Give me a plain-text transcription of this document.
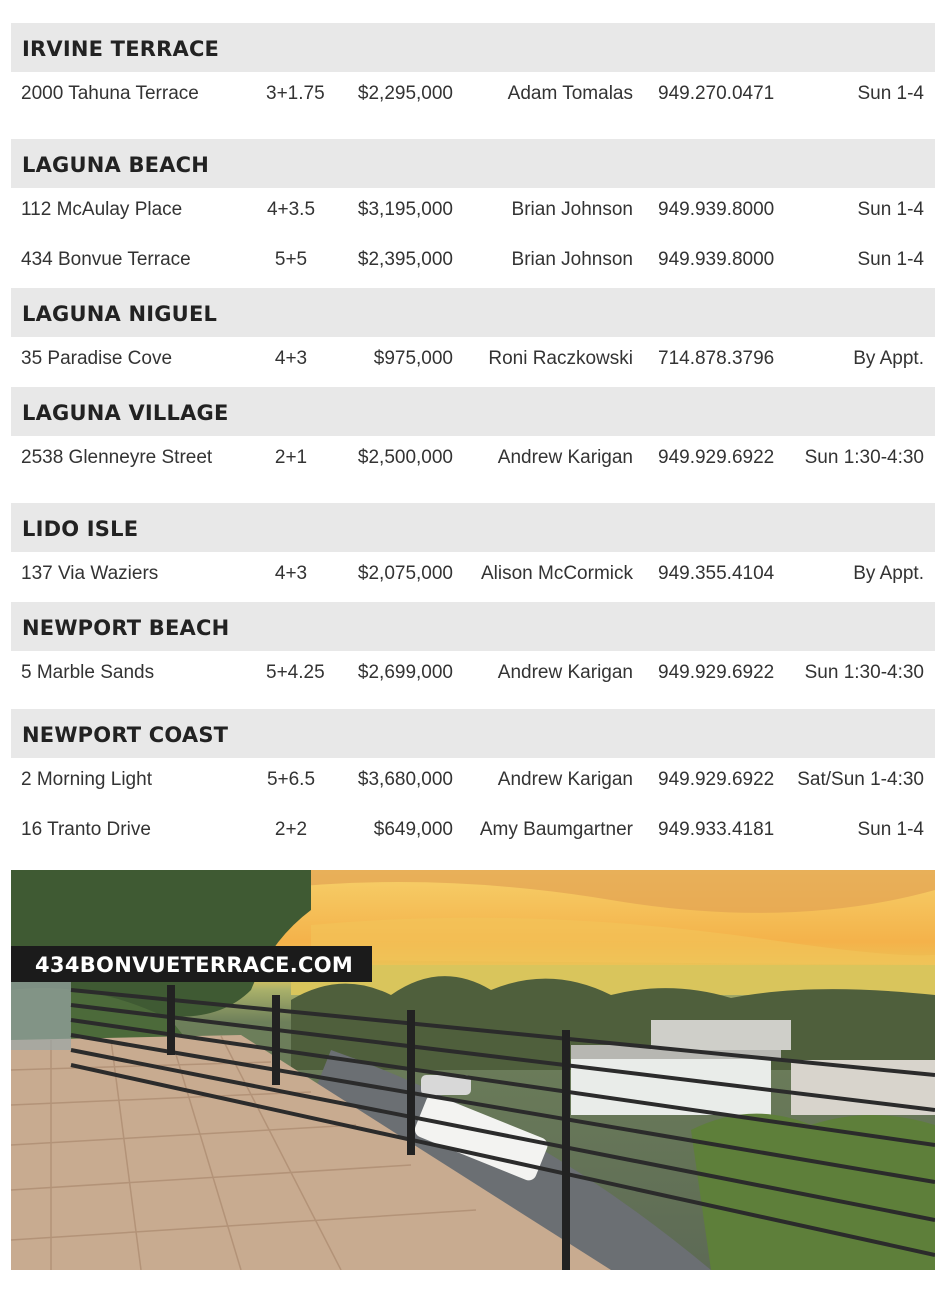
IRVINE TERRACE
2000 Tahuna Terrace	3+1.75 $2,295,000	Adam Tomalas 949.270.0471	Sun 1-4
LAGUNA BEACH
112 McAulay Place	4+3.5 $3,195,000	Brian Johnson 949.939.8000	Sun 1-4
434 Bonvue Terrace	5+5	$2,395,000	Brian Johnson 949.939.8000	Sun 1-4
LAGUNA NIGUEL
35 Paradise Cove	4+3	$975,000 Roni Raczkowski 714.878.3796	By Appt.
LAGUNA VILLAGE
2538 Glenneyre Street	2+1	$2,500,000 Andrew Karigan 949.929.6922 Sun 1:30-4:30
LIDO ISLE
137 Via Waziers	4+3	$2,075,000 Alison McCormick 949.355.4104	By Appt.
NEWPORT BEACH
5 Marble Sands	5+4.25 $2,699,000 Andrew Karigan 949.929.6922 Sun 1:30-4:30
NEWPORT COAST
2 Morning Light	5+6.5 $3,680,000 Andrew Karigan 949.929.6922 Sat/Sun 1-4:30
16 Tranto Drive	2+2	$649,000 Amy Baumgartner 949.933.4181	Sun 1-4
434BONVUETERRACE.COM
